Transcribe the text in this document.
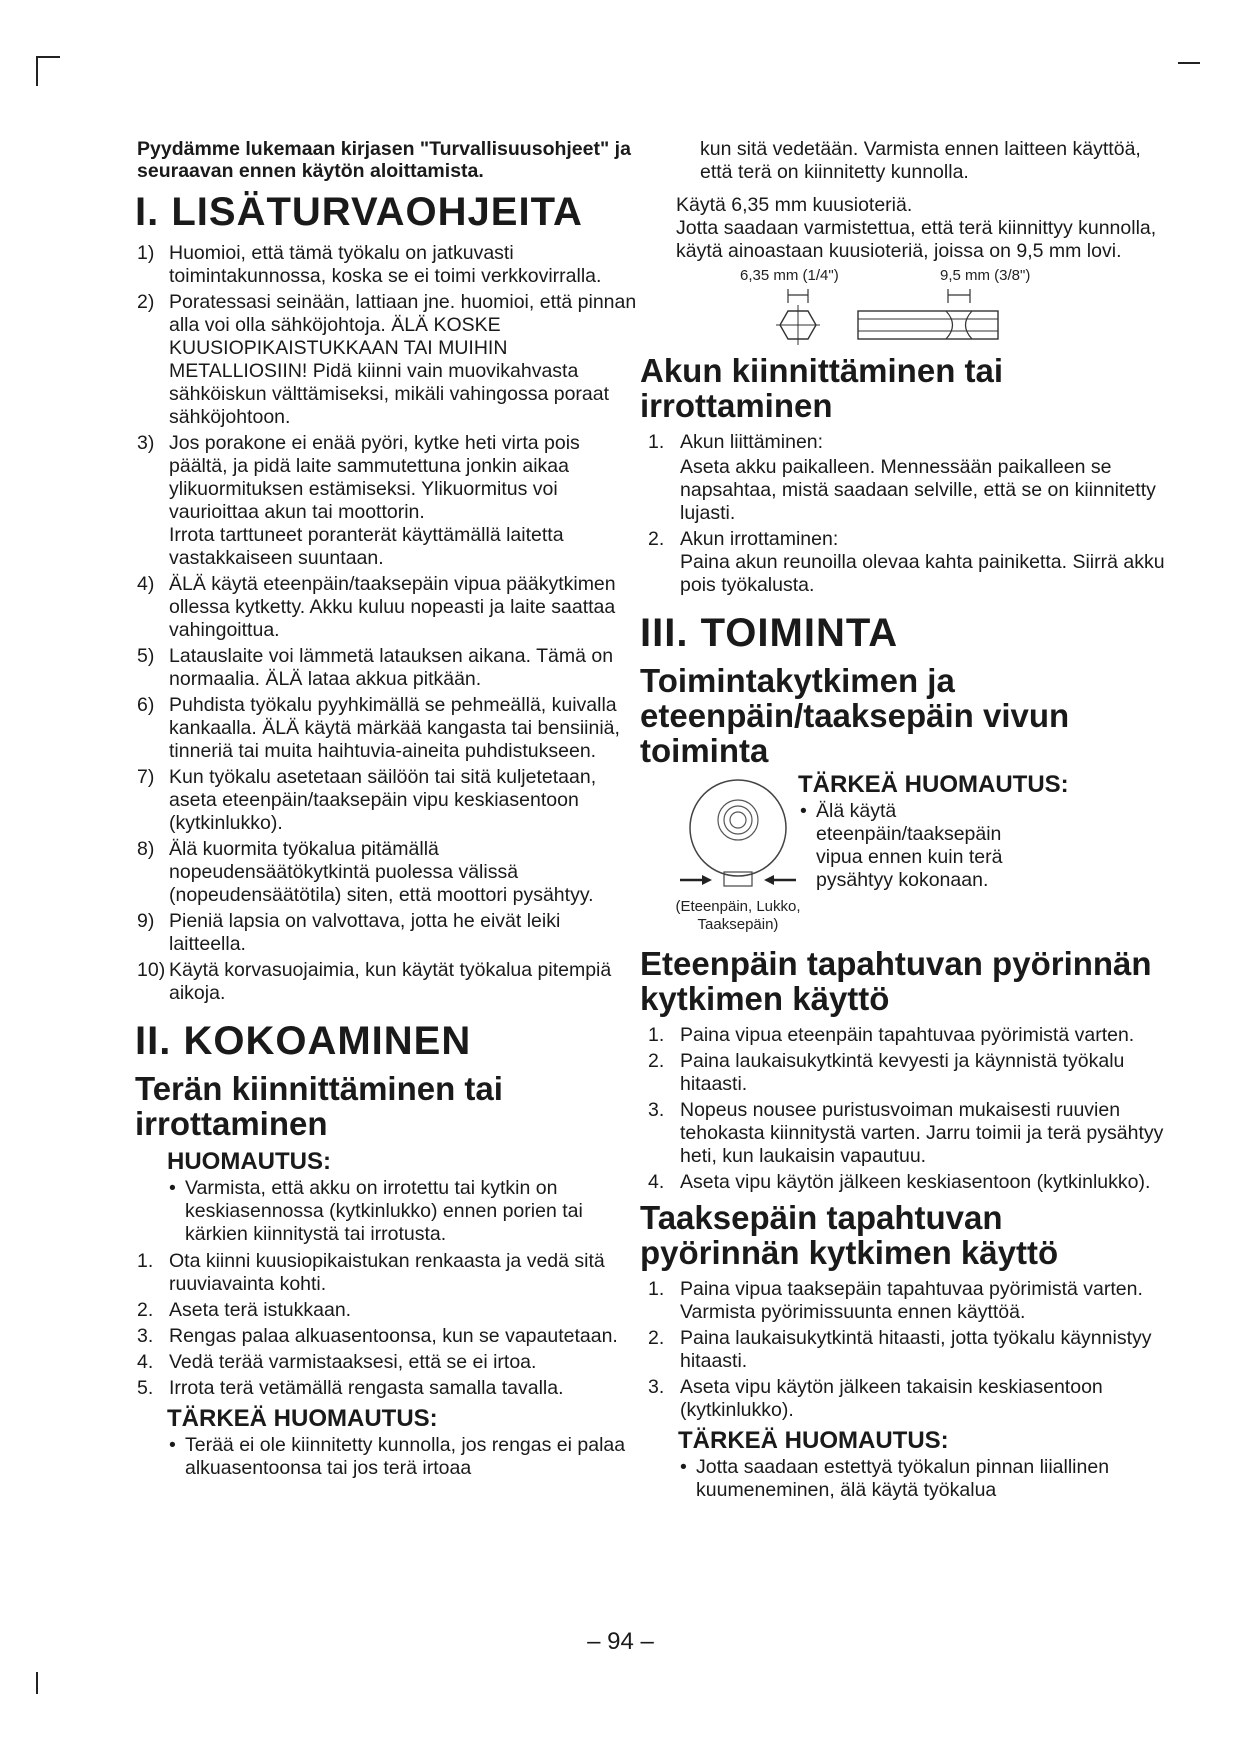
Pyydämme lukemaan kirjasen "Turvallisuusohjeet" ja seuraavan ennen käytön aloittamista.

I. LISÄTURVAOHJEITA
1) Huomioi, että tämä työkalu on jatkuvasti toimintakunnossa, koska se ei toimi verkkovirralla.

2) Poratessasi seinään, lattiaan jne. huomioi, että pinnan alla voi olla sähköjohtoja. ÄLÄ KOSKE KUUSIOPIKAISTUKKAAN TAI MUIHIN METALLIOSIIN! Pidä kiinni vain muovikahvasta sähköiskun välttämiseksi, mikäli vahingossa poraat sähköjohtoon.

3) Jos porakone ei enää pyöri, kytke heti virta pois päältä, ja pidä laite sammutettuna jonkin aikaa ylikuormituksen estämiseksi. Ylikuormitus voi vaurioittaa akun tai moottorin.

Irrota tarttuneet poranterät käyttämällä laitetta vastakkaiseen suuntaan.

4) ÄLÄ käytä eteenpäin/taaksepäin vipua pääkytkimen ollessa kytketty. Akku kuluu nopeasti ja laite saattaa vahingoittua.

5) Latauslaite voi lämmetä latauksen aikana. Tämä on normaalia. ÄLÄ lataa akkua pitkään.

6) Puhdista työkalu pyyhkimällä se pehmeällä, kuivalla kankaalla. ÄLÄ käytä märkää kangasta tai bensiiniä, tinneriä tai muita haihtuvia-aineita puhdistukseen.

7) Kun työkalu asetetaan säilöön tai sitä kuljetetaan, aseta eteenpäin/taaksepäin vipu keskiasentoon (kytkinlukko).

8) Älä kuormita työkalua pitämällä nopeudensäätökytkintä puolessa välissä (nopeudensäätötila) siten, että moottori pysähtyy.

9) Pieniä lapsia on valvottava, jotta he eivät leiki laitteella.

10) Käytä korvasuojaimia, kun käytät työkalua pitempiä aikoja.

II. KOKOAMINEN
Terän kiinnittäminen tai irrottaminen
HUOMAUTUS:
• Varmista, että akku on irrotettu tai kytkin on keskiasennossa (kytkinlukko) ennen porien tai kärkien kiinnitystä tai irrotusta.
1. Ota kiinni kuusiopikaistukan renkaasta ja vedä sitä ruuviavainta kohti.

2. Aseta terä istukkaan.

3. Rengas palaa alkuasentoonsa, kun se vapautetaan.

4. Vedä terää varmistaaksesi, että se ei irtoa.

5. Irrota terä vetämällä rengasta samalla tavalla.

TÄRKEÄ HUOMAUTUS:
• Terää ei ole kiinnitetty kunnolla, jos rengas ei palaa alkuasentoonsa tai jos terä irtoaa

kun sitä vedetään. Varmista ennen laitteen käyttöä, että terä on kiinnitetty kunnolla.

Käytä 6,35 mm kuusioteriä.

Jotta saadaan varmistettua, että terä kiinnittyy kunnolla, käytä ainoastaan kuusioteriä, joissa on 9,5 mm lovi.

6,35 mm (1/4")	9,5 mm (3/8")
Akun kiinnittäminen tai irrottaminen
1. Akun liittäminen:

Aseta akku paikalleen. Mennessään paikalleen se napsahtaa, mistä saadaan selville, että se on kiinnitetty lujasti.

2. Akun irrottaminen:

Paina akun reunoilla olevaa kahta painiketta. Siirrä akku pois työkalusta.

III. TOIMINTA
Toimintakytkimen ja eteenpäin/taaksepäin vivun toiminta
(Eteenpäin, Lukko, Taaksepäin)
TÄRKEÄ HUOMAUTUS:
• Älä käytä eteenpäin/taaksepäin vipua ennen kuin terä pysähtyy kokonaan.
Eteenpäin tapahtuvan pyörinnän kytkimen käyttö
1. Paina vipua eteenpäin tapahtuvaa pyörimistä varten.

2. Paina laukaisukytkintä kevyesti ja käynnistä työkalu hitaasti.

3. Nopeus nousee puristusvoiman mukaisesti ruuvien tehokasta kiinnitystä varten. Jarru toimii ja terä pysähtyy heti, kun laukaisin vapautuu.

4. Aseta vipu käytön jälkeen keskiasentoon (kytkinlukko).

Taaksepäin tapahtuvan pyörinnän kytkimen käyttö
1. Paina vipua taaksepäin tapahtuvaa pyörimistä varten. Varmista pyörimissuunta ennen käyttöä.

2. Paina laukaisukytkintä hitaasti, jotta työkalu käynnistyy hitaasti.

3. Aseta vipu käytön jälkeen takaisin keskiasentoon (kytkinlukko).

TÄRKEÄ HUOMAUTUS:
• Jotta saadaan estettyä työkalun pinnan liiallinen kuumeneminen, älä käytä työkalua
– 94 –
